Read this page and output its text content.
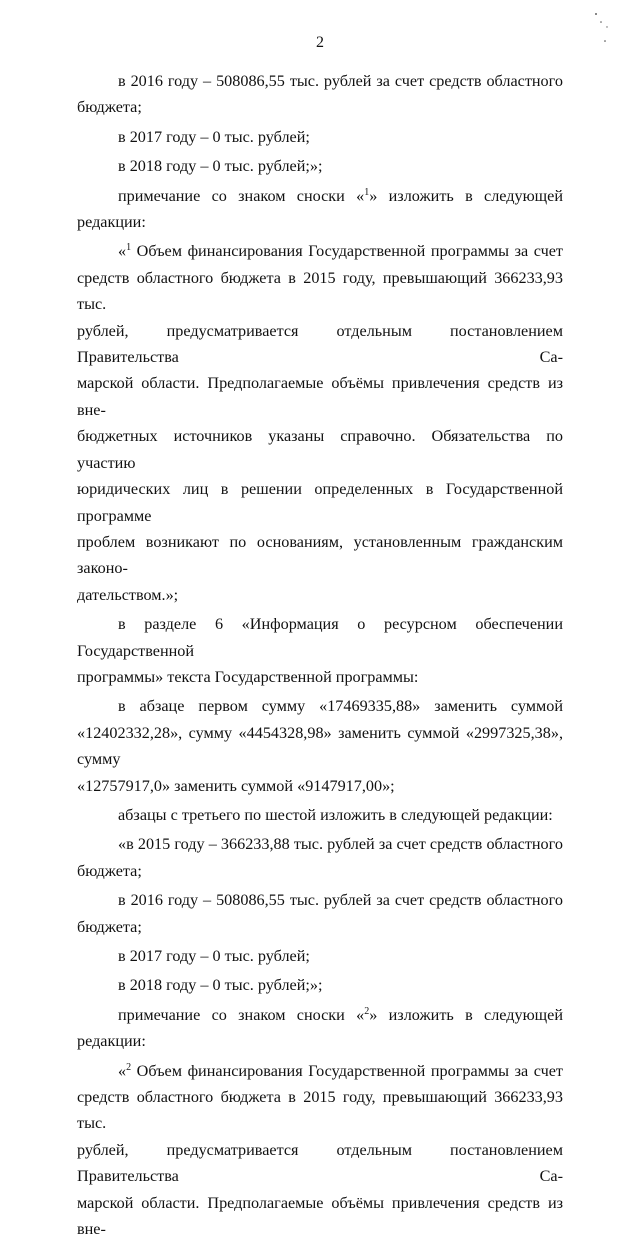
2

в 2016 году – 508086,55 тыс. рублей за счет средств областного

бюджета;

в 2017 году – 0 тыс. рублей;

в 2018 году – 0 тыс. рублей;»;

примечание со знаком сноски «$^1$» изложить в следующей редакции:

«$^1$ Объем финансирования Государственной программы за счет

средств областного бюджета в 2015 году, превышающий 366233,93 тыс.

рублей, предусматривается отдельным постановлением Правительства Са-

марской области. Предполагаемые объёмы привлечения средств из вне-

бюджетных источников указаны справочно. Обязательства по участию

юридических лиц в решении определенных в Государственной программе

проблем возникают по основаниям, установленным гражданским законо-

дательством.»;

в разделе 6 «Информация о ресурсном обеспечении Государственной

программы» текста Государственной программы:

в абзаце первом сумму «17469335,88» заменить суммой

«12402332,28», сумму «4454328,98» заменить суммой «2997325,38», сумму

«12757917,0» заменить суммой «9147917,00»;

абзацы с третьего по шестой изложить в следующей редакции:

«в 2015 году – 366233,88 тыс. рублей за счет средств областного

бюджета;

в 2016 году – 508086,55 тыс. рублей за счет средств областного

бюджета;

в 2017 году – 0 тыс. рублей;

в 2018 году – 0 тыс. рублей;»;

примечание со знаком сноски «$^2$» изложить в следующей редакции:

«$^2$ Объем финансирования Государственной программы за счет

средств областного бюджета в 2015 году, превышающий 366233,93 тыс.

рублей, предусматривается отдельным постановлением Правительства Са-

марской области. Предполагаемые объёмы привлечения средств из вне-
